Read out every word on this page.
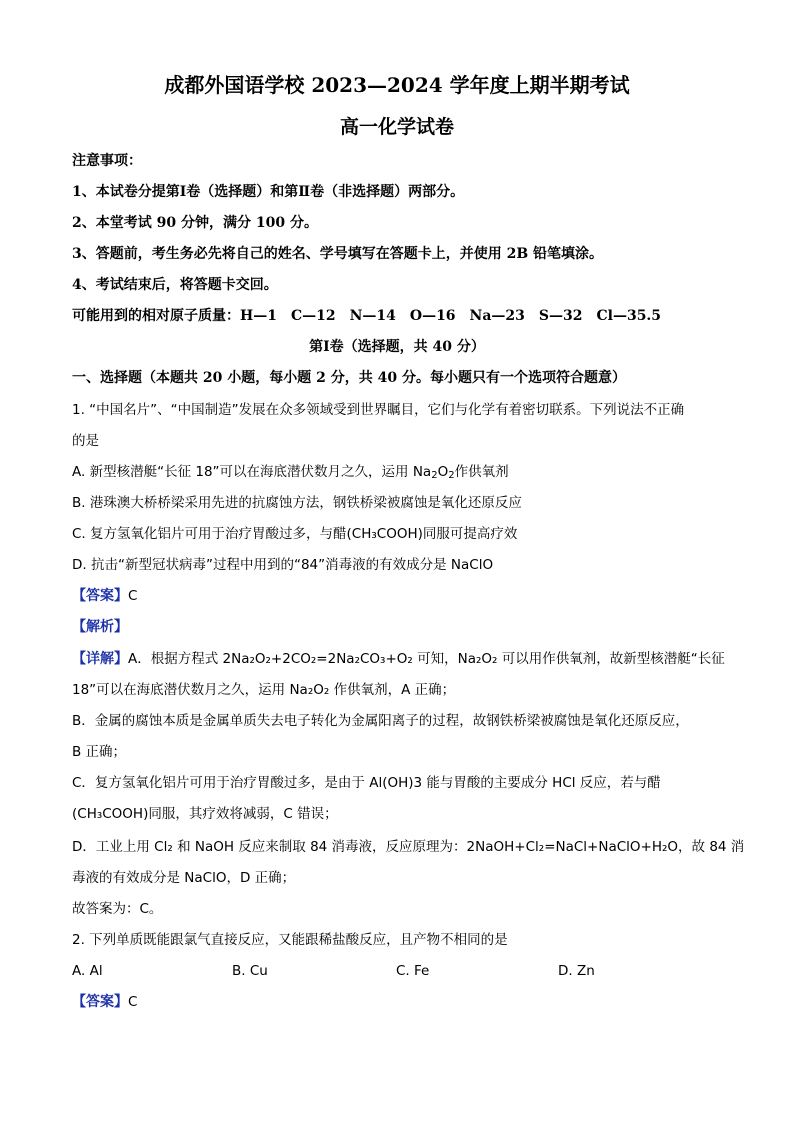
成都外国语学校 2023—2024 学年度上期半期考试
高一化学试卷
注意事项：
1、本试卷分提第Ⅰ卷（选择题）和第Ⅱ卷（非选择题）两部分。
2、本堂考试 90 分钟，满分 100 分。
3、答题前，考生务必先将自己的姓名、学号填写在答题卡上，并使用 2B 铅笔填涂。
4、考试结束后，将答题卡交回。
可能用到的相对原子质量：H—1　C—12　N—14　O—16　Na—23　S—32　Cl—35.5
第Ⅰ卷（选择题，共 40 分）
一、选择题（本题共 20 小题，每小题 2 分，共 40 分。每小题只有一个选项符合题意）
1. “中国名片”、“中国制造”发展在众多领域受到世界瞩目，它们与化学有着密切联系。下列说法不正确
的是
A. 新型核潜艇“长征 18”可以在海底潜伏数月之久，运用 $Na_2O_2$作供氧剂
B. 港珠澳大桥桥梁采用先进的抗腐蚀方法，钢铁桥梁被腐蚀是氧化还原反应
C. 复方氢氧化铝片可用于治疗胃酸过多，与醋(CH₃COOH)同服可提高疗效
D. 抗击“新型冠状病毒”过程中用到的“84”消毒液的有效成分是 NaClO
【答案】C
【解析】
【详解】A．根据方程式 2Na₂O₂+2CO₂=2Na₂CO₃+O₂ 可知，Na₂O₂ 可以用作供氧剂，故新型核潜艇“长征
18”可以在海底潜伏数月之久，运用 Na₂O₂ 作供氧剂，A 正确；
B．金属的腐蚀本质是金属单质失去电子转化为金属阳离子的过程，故钢铁桥梁被腐蚀是氧化还原反应，
B 正确；
C．复方氢氧化铝片可用于治疗胃酸过多，是由于 Al(OH)3 能与胃酸的主要成分 HCl 反应，若与醋
(CH₃COOH)同服，其疗效将减弱，C 错误；
D．工业上用 Cl₂ 和 NaOH 反应来制取 84 消毒液，反应原理为：2NaOH+Cl₂=NaCl+NaClO+H₂O，故 84 消
毒液的有效成分是 NaClO，D 正确；
故答案为：C。
2. 下列单质既能跟氯气直接反应，又能跟稀盐酸反应，且产物不相同的是
A. Al	B. Cu	C. Fe	D. Zn
【答案】C
